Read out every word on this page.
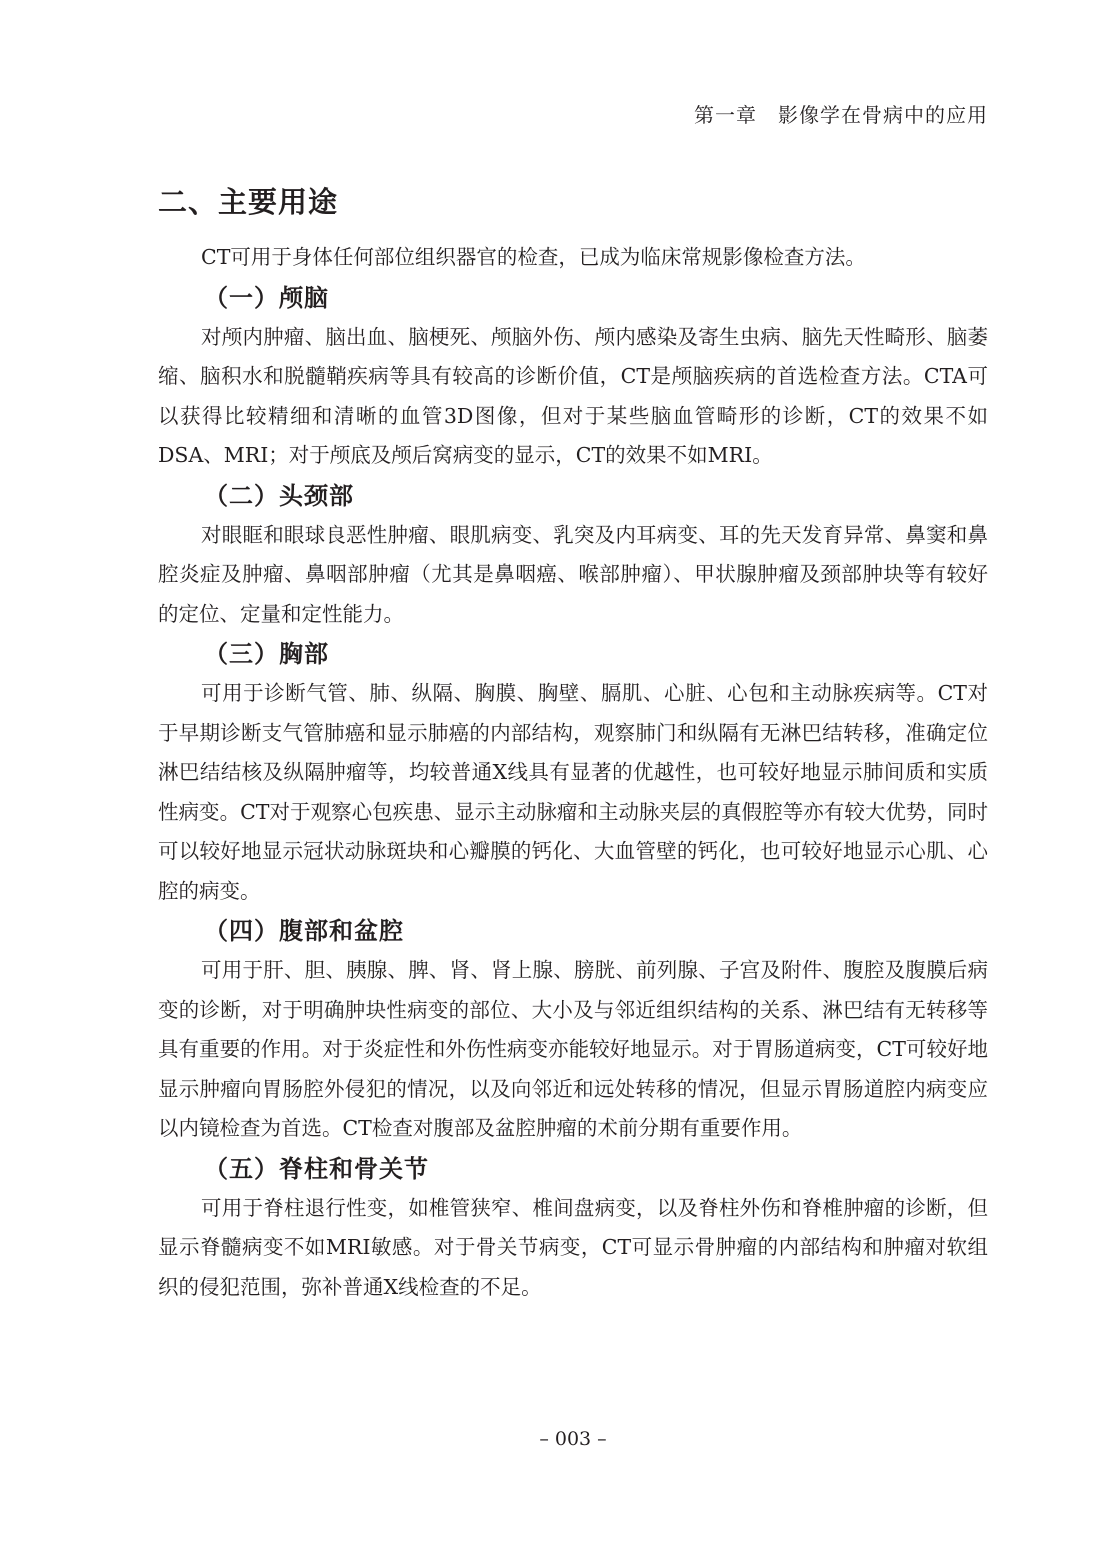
第一章　影像学在骨病中的应用
二、主要用途

CT可用于身体任何部位组织器官的检查，已成为临床常规影像检查方法。

（一）颅脑

对颅内肿瘤、脑出血、脑梗死、颅脑外伤、颅内感染及寄生虫病、脑先天性畸形、脑萎缩、脑积水和脱髓鞘疾病等具有较高的诊断价值，CT是颅脑疾病的首选检查方法。CTA可以获得比较精细和清晰的血管3D图像，但对于某些脑血管畸形的诊断，CT的效果不如DSA、MRI；对于颅底及颅后窝病变的显示，CT的效果不如MRI。

（二）头颈部

对眼眶和眼球良恶性肿瘤、眼肌病变、乳突及内耳病变、耳的先天发育异常、鼻窦和鼻腔炎症及肿瘤、鼻咽部肿瘤（尤其是鼻咽癌、喉部肿瘤）、甲状腺肿瘤及颈部肿块等有较好的定位、定量和定性能力。

（三）胸部

可用于诊断气管、肺、纵隔、胸膜、胸壁、膈肌、心脏、心包和主动脉疾病等。CT对于早期诊断支气管肺癌和显示肺癌的内部结构，观察肺门和纵隔有无淋巴结转移，准确定位淋巴结结核及纵隔肿瘤等，均较普通X线具有显著的优越性，也可较好地显示肺间质和实质性病变。CT对于观察心包疾患、显示主动脉瘤和主动脉夹层的真假腔等亦有较大优势，同时可以较好地显示冠状动脉斑块和心瓣膜的钙化、大血管壁的钙化，也可较好地显示心肌、心腔的病变。

（四）腹部和盆腔

可用于肝、胆、胰腺、脾、肾、肾上腺、膀胱、前列腺、子宫及附件、腹腔及腹膜后病变的诊断，对于明确肿块性病变的部位、大小及与邻近组织结构的关系、淋巴结有无转移等具有重要的作用。对于炎症性和外伤性病变亦能较好地显示。对于胃肠道病变，CT可较好地显示肿瘤向胃肠腔外侵犯的情况，以及向邻近和远处转移的情况，但显示胃肠道腔内病变应以内镜检查为首选。CT检查对腹部及盆腔肿瘤的术前分期有重要作用。

（五）脊柱和骨关节

可用于脊柱退行性变，如椎管狭窄、椎间盘病变，以及脊柱外伤和脊椎肿瘤的诊断，但显示脊髓病变不如MRI敏感。对于骨关节病变，CT可显示骨肿瘤的内部结构和肿瘤对软组织的侵犯范围，弥补普通X线检查的不足。

– 003 –
